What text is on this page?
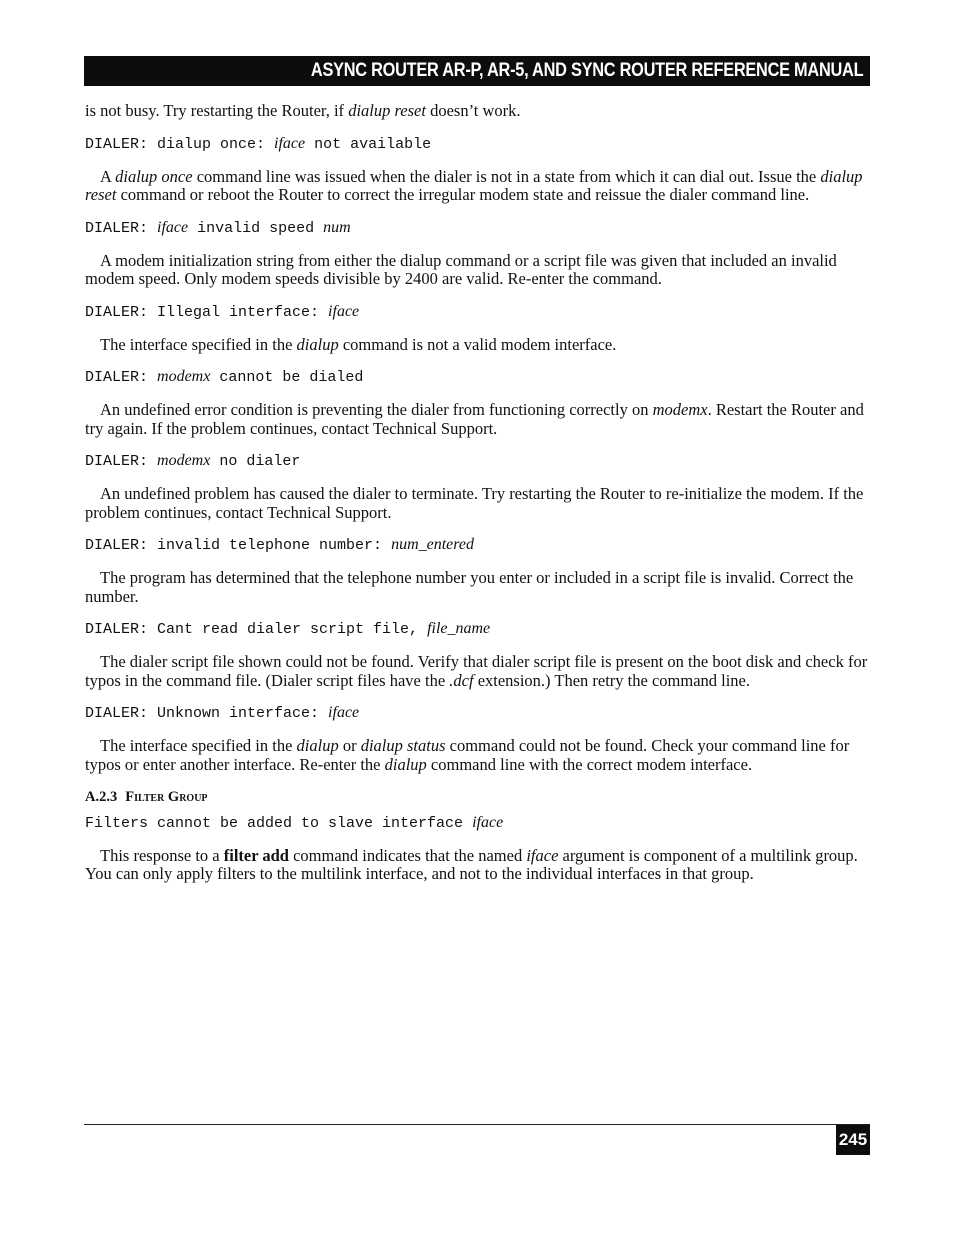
ASYNC ROUTER AR-P, AR-5, AND SYNC ROUTER REFERENCE MANUAL

is not busy. Try restarting the Router, if dialup reset doesn’t work.

DIALER: dialup once: iface not available

A dialup once command line was issued when the dialer is not in a state from which it can dial out. Issue the dialup reset command or reboot the Router to correct the irregular modem state and reissue the dialer command line.

DIALER: iface invalid speed num

A modem initialization string from either the dialup command or a script file was given that included an invalid modem speed. Only modem speeds divisible by 2400 are valid. Re-enter the command.

DIALER: Illegal interface: iface

The interface specified in the dialup command is not a valid modem interface.

DIALER: modemx cannot be dialed

An undefined error condition is preventing the dialer from functioning correctly on modemx. Restart the Router and try again. If the problem continues, contact Technical Support.

DIALER: modemx no dialer

An undefined problem has caused the dialer to terminate. Try restarting the Router to re-initialize the modem. If the problem continues, contact Technical Support.

DIALER: invalid telephone number: num_entered

The program has determined that the telephone number you enter or included in a script file is invalid. Correct the number.

DIALER: Cant read dialer script file, file_name

The dialer script file shown could not be found. Verify that dialer script file is present on the boot disk and check for typos in the command file. (Dialer script files have the .dcf extension.) Then retry the command line.

DIALER: Unknown interface: iface

The interface specified in the dialup or dialup status command could not be found. Check your command line for typos or enter another interface. Re-enter the dialup command line with the correct modem interface.

A.2.3 Filter Group

Filters cannot be added to slave interface iface

This response to a filter add command indicates that the named iface argument is component of a multilink group. You can only apply filters to the multilink interface, and not to the individual interfaces in that group.

245
